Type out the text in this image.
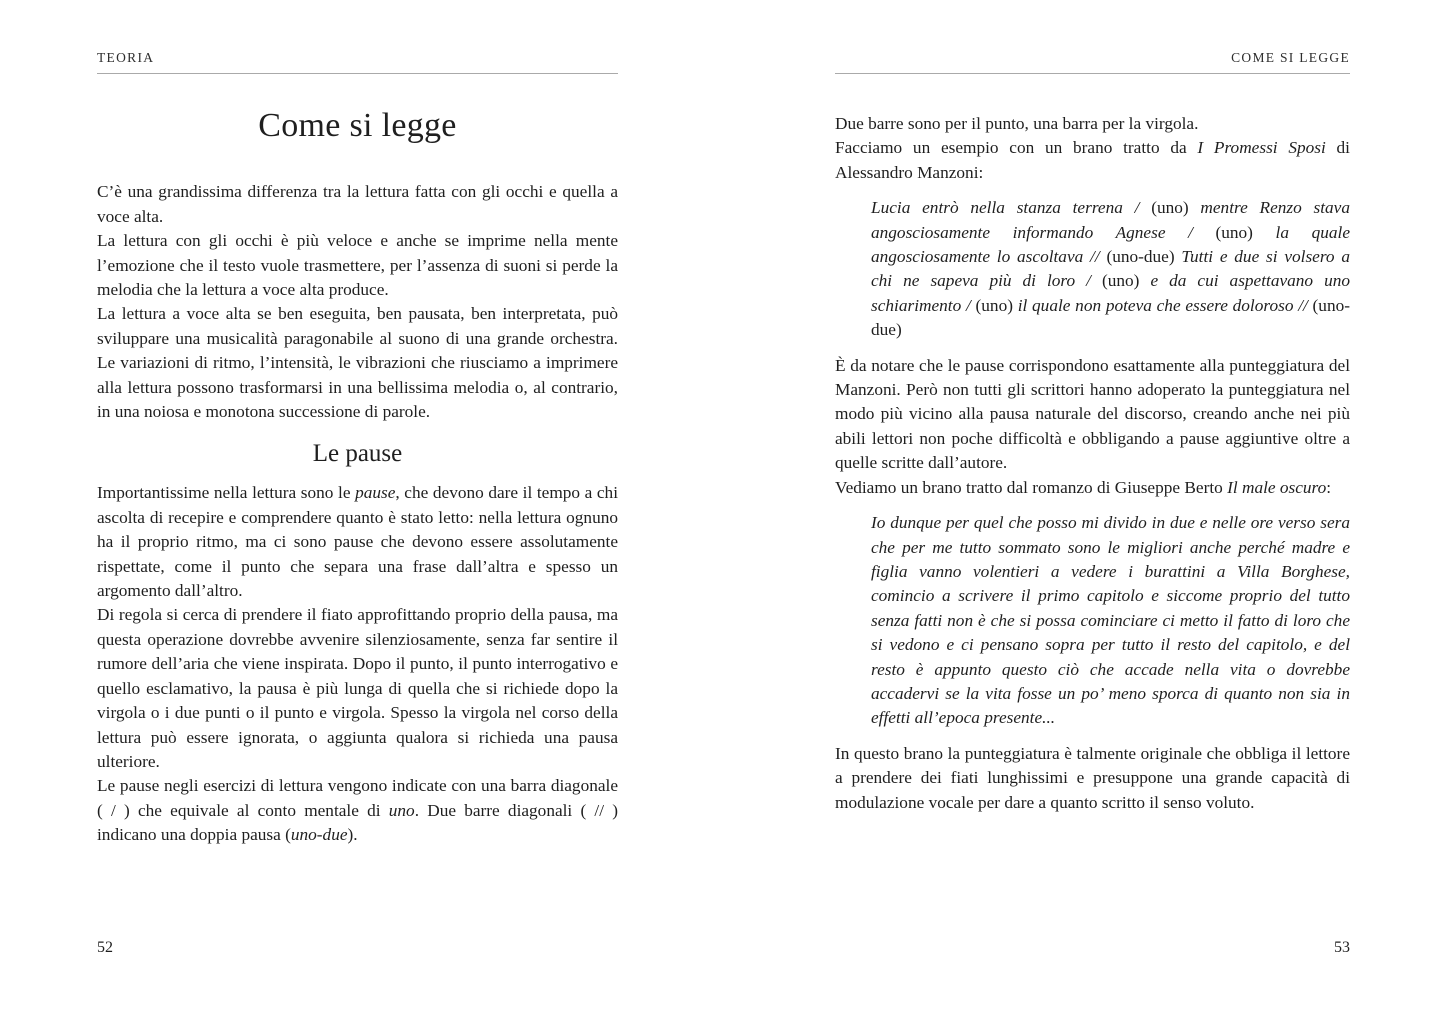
TEORIA
Come si legge

C’è una grandissima differenza tra la lettura fatta con gli occhi e quella a voce alta.

La lettura con gli occhi è più veloce e anche se imprime nella mente l’emozione che il testo vuole trasmettere, per l’assenza di suoni si perde la melodia che la lettura a voce alta produce.

La lettura a voce alta se ben eseguita, ben pausata, ben interpretata, può sviluppare una musicalità paragonabile al suono di una grande orchestra. Le variazioni di ritmo, l’intensità, le vibrazioni che riusciamo a imprimere alla lettura possono trasformarsi in una bellissima melodia o, al contrario, in una noiosa e monotona successione di parole.

Le pause

Importantissime nella lettura sono le pause, che devono dare il tempo a chi ascolta di recepire e comprendere quanto è stato letto: nella lettura ognuno ha il proprio ritmo, ma ci sono pause che devono essere assolutamente rispettate, come il punto che separa una frase dall’altra e spesso un argomento dall’altro.

Di regola si cerca di prendere il fiato approfittando proprio della pausa, ma questa operazione dovrebbe avvenire silenziosamente, senza far sentire il rumore dell’aria che viene inspirata. Dopo il punto, il punto interrogativo e quello esclamativo, la pausa è più lunga di quella che si richiede dopo la virgola o i due punti o il punto e virgola. Spesso la virgola nel corso della lettura può essere ignorata, o aggiunta qualora si richieda una pausa ulteriore.

Le pause negli esercizi di lettura vengono indicate con una barra diagonale ( / ) che equivale al conto mentale di uno. Due barre diagonali ( // ) indicano una doppia pausa (uno-due).

COME SI LEGGE

Due barre sono per il punto, una barra per la virgola.

Facciamo un esempio con un brano tratto da I Promessi Sposi di Alessandro Manzoni:

Lucia entrò nella stanza terrena / (uno) mentre Renzo stava angosciosamente informando Agnese / (uno) la quale angosciosamente lo ascoltava // (uno-due) Tutti e due si volsero a chi ne sapeva più di loro / (uno) e da cui aspettavano uno schiarimento / (uno) il quale non poteva che essere doloroso // (uno-due)

È da notare che le pause corrispondono esattamente alla punteggiatura del Manzoni. Però non tutti gli scrittori hanno adoperato la punteggiatura nel modo più vicino alla pausa naturale del discorso, creando anche nei più abili lettori non poche difficoltà e obbligando a pause aggiuntive oltre a quelle scritte dall’autore.

Vediamo un brano tratto dal romanzo di Giuseppe Berto Il male oscuro:

Io dunque per quel che posso mi divido in due e nelle ore verso sera che per me tutto sommato sono le migliori anche perché madre e figlia vanno volentieri a vedere i burattini a Villa Borghese, comincio a scrivere il primo capitolo e siccome proprio del tutto senza fatti non è che si possa cominciare ci metto il fatto di loro che si vedono e ci pensano sopra per tutto il resto del capitolo, e del resto è appunto questo ciò che accade nella vita o dovrebbe accadervi se la vita fosse un po’ meno sporca di quanto non sia in effetti all’epoca presente...

In questo brano la punteggiatura è talmente originale che obbliga il lettore a prendere dei fiati lunghissimi e presuppone una grande capacità di modulazione vocale per dare a quanto scritto il senso voluto.

52	53
